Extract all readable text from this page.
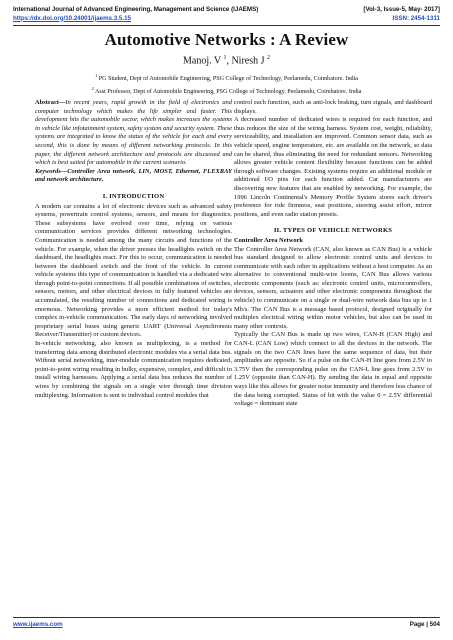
International Journal of Advanced Engineering, Management and Science (IJAEMS)	[Vol-3, Issue-5, May- 2017]
https://dx.doi.org/10.24001/ijaems.3.5.15	ISSN: 2454-1311
Automotive Networks : A Review
Manoj. V $^1$, Niresh J $^2$
$^1$ PG Student, Dept of Automobile Engineering, PSG College of Technology, Peelamedu, Coimbatore. India
$^2$ Asst Professor, Dept of Automobile Engineering, PSG College of Technology, Peelamedu, Coimbatore. India

Abstract—In recent years, rapid growth in the field of electronics and computer technology which makes the life simpler and faster. This development hits the automobile sector, which makes increases the systems in vehicle like infotainment system, safety system and security system. These systems are integrated to know the status of the vehicle for each and every second, this is done by means of different networking protocols. In this paper, the different network architecture and protocols are discussed and which is best suited for automobile in the current scenario.

Keywords—Controller Area network, LIN, MOST, Ethernet, FLEXRAY and network architecture.

I. INTRODUCTION

A modern car contains a lot of electronic devices such as advanced safety systems, powertrain control systems, sensors, and means for diagnostics. These subsystems have evolved over time, relying on various communication services provides different networking technologies. Communication is needed among the many circuits and functions of the vehicle. For example, when the driver presses the headlights switch on the dashboard, the headlights react. For this to occur, communication is needed between the dashboard switch and the front of the vehicle. In current vehicle systems this type of communication is handled via a dedicated wire through point-to-point connections. If all possible combinations of switches, sensors, motors, and other electrical devices in fully featured vehicles are accumulated, the resulting number of connections and dedicated wiring is enormous. Networking provides a more efficient method for today's complex in-vehicle communication. The early days of networking involved proprietary serial buses using generic UART (Universal Asynchronous Receiver/Transmitter) or custom devices.

In-vehicle networking, also known as multiplexing, is a method for transferring data among distributed electronic modules via a serial data bus. Without serial networking, inter-module communication requires dedicated, point-to-point wiring resulting in bulky, expensive, complex, and difficult to install wiring harnesses. Applying a serial data bus reduces the number of wires by combining the signals on a single wire through time division multiplexing. Information is sent to individual control modules that

control each function, such as anti-lock braking, turn signals, and dashboard displays.

A decreased number of dedicated wires is required for each function, and thus reduces the size of the wiring harness. System cost, weight, reliability, serviceability, and installation are improved. Common sensor data, such as vehicle speed, engine temperature, etc. are available on the network, so data can be shared, thus eliminating the need for redundant sensors. Networking allows greater vehicle content flexibility because functions can be added through software changes. Existing systems require an additional module or additional I/O pins for each function added. Car manufacturers are discovering new features that are enabled by networking. For example, the 1996 Lincoln Continental's Memory Profile System stores each driver's preference for ride firmness, seat positions, steering assist effort, mirror positions, and even radio station presets.

II. TYPES OF VEHICLE NETWORKS
Controller Area Network

The Controller Area Network (CAN, also known as CAN Bus) is a vehicle bus standard designed to allow electronic control units and devices to communicate with each other in applications without a host computer. As an alternative to conventional multi-wire looms, CAN Bus allows various electronic components (such as: electronic control units, microcontrollers, devices, sensors, actuators and other electronic components throughout the vehicle) to communicate on a single or dual-wire network data bus up to 1 Mb/s. The CAN Bus is a message based protocol, designed originally for multiplex electrical wiring within motor vehicles, but also can be used in many other contexts.

Typically the CAN Bus is made up two wires, CAN-H (CAN High) and CAN-L (CAN Low) which connect to all the devices in the network. The signals on the two CAN lines have the same sequence of data, but their amplitudes are opposite. So if a pulse on the CAN-H line goes from 2.5V to 3.75V then the corresponding pulse on the CAN-L line goes from 2.5V to 1.25V (opposite than CAN-H). By sending the data in equal and opposite ways like this allows for greater noise immunity and therefore less chance of the data being corrupted. Status of bit with the value 0 = 2.5V differential voltage = dominant state

www.ijaems.com	Page | 504
